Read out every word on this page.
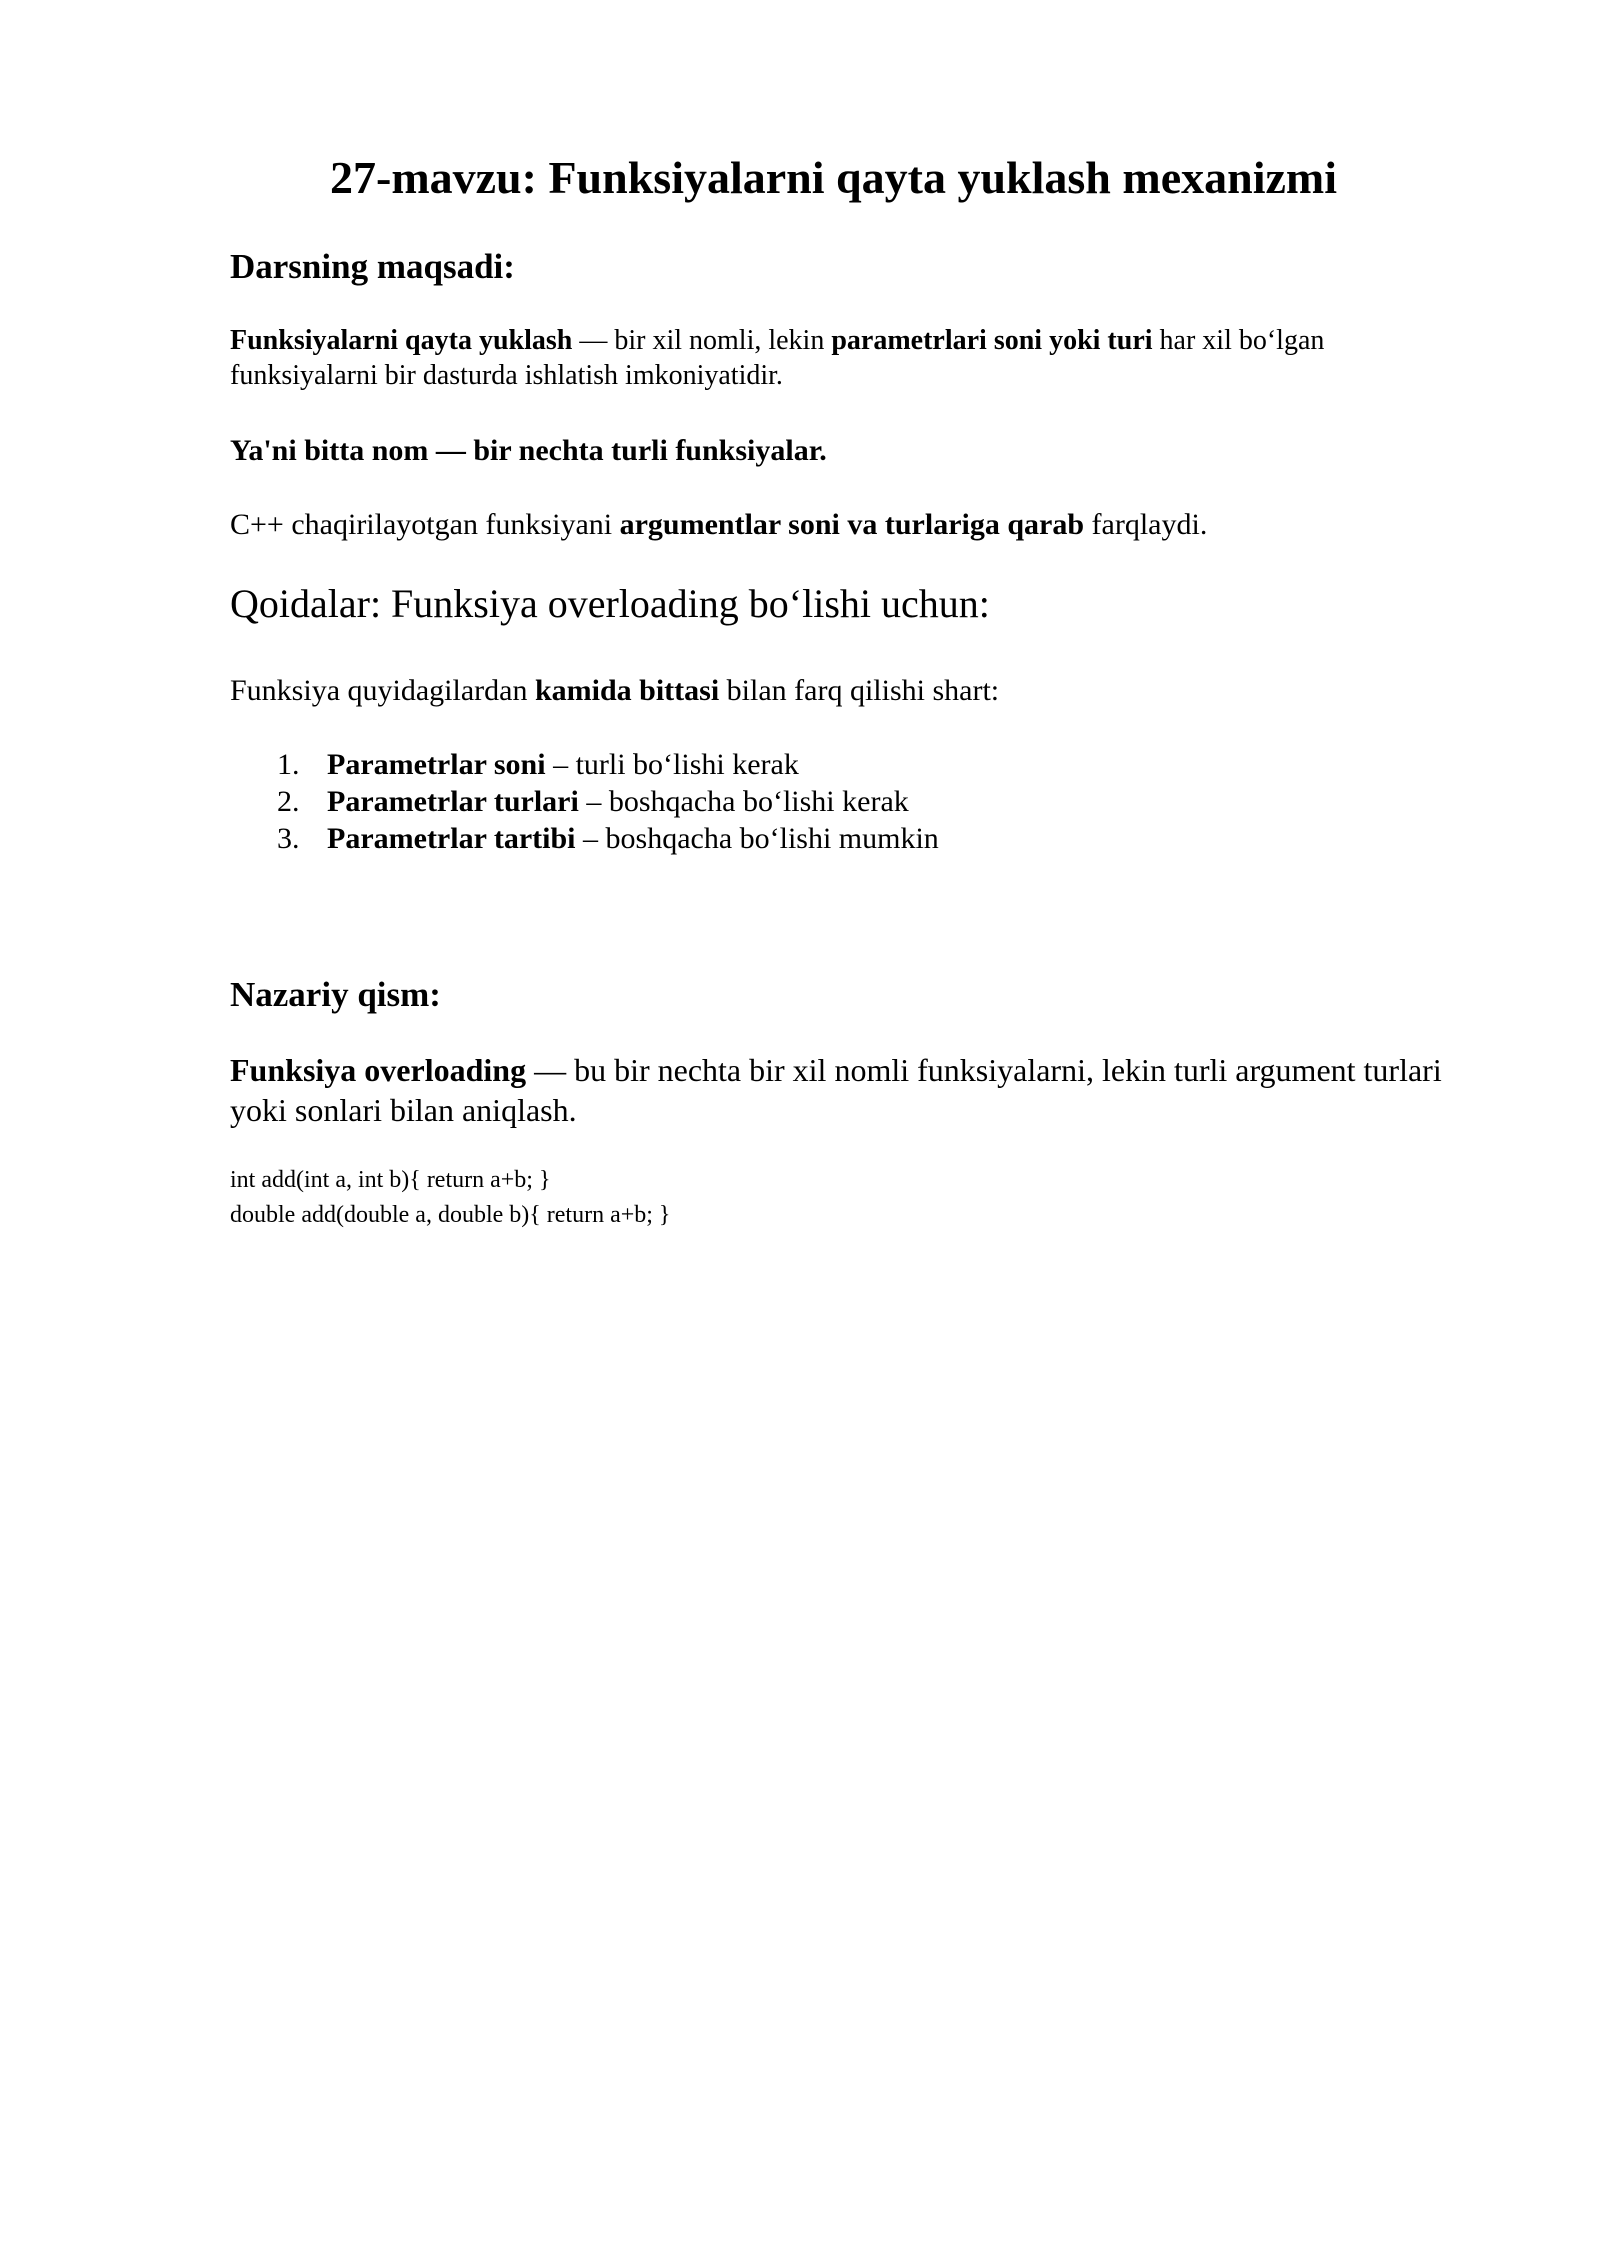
27-mavzu: Funksiyalarni qayta yuklash mexanizmi
Darsning maqsadi:

Funksiyalarni qayta yuklash — bir xil nomli, lekin parametrlari soni yoki turi har xil bo‘lgan funksiyalarni bir dasturda ishlatish imkoniyatidir.

Ya'ni bitta nom — bir nechta turli funksiyalar.

C++ chaqirilayotgan funksiyani argumentlar soni va turlariga qarab farqlaydi.

Qoidalar: Funksiya overloading bo‘lishi uchun:

Funksiya quyidagilardan kamida bittasi bilan farq qilishi shart:

1. Parametrlar soni – turli bo‘lishi kerak
2. Parametrlar turlari – boshqacha bo‘lishi kerak
3. Parametrlar tartibi – boshqacha bo‘lishi mumkin
Nazariy qism:

Funksiya overloading — bu bir nechta bir xil nomli funksiyalarni, lekin turli argument turlari yoki sonlari bilan aniqlash.

int add(int a, int b){ return a+b; }
double add(double a, double b){ return a+b; }
